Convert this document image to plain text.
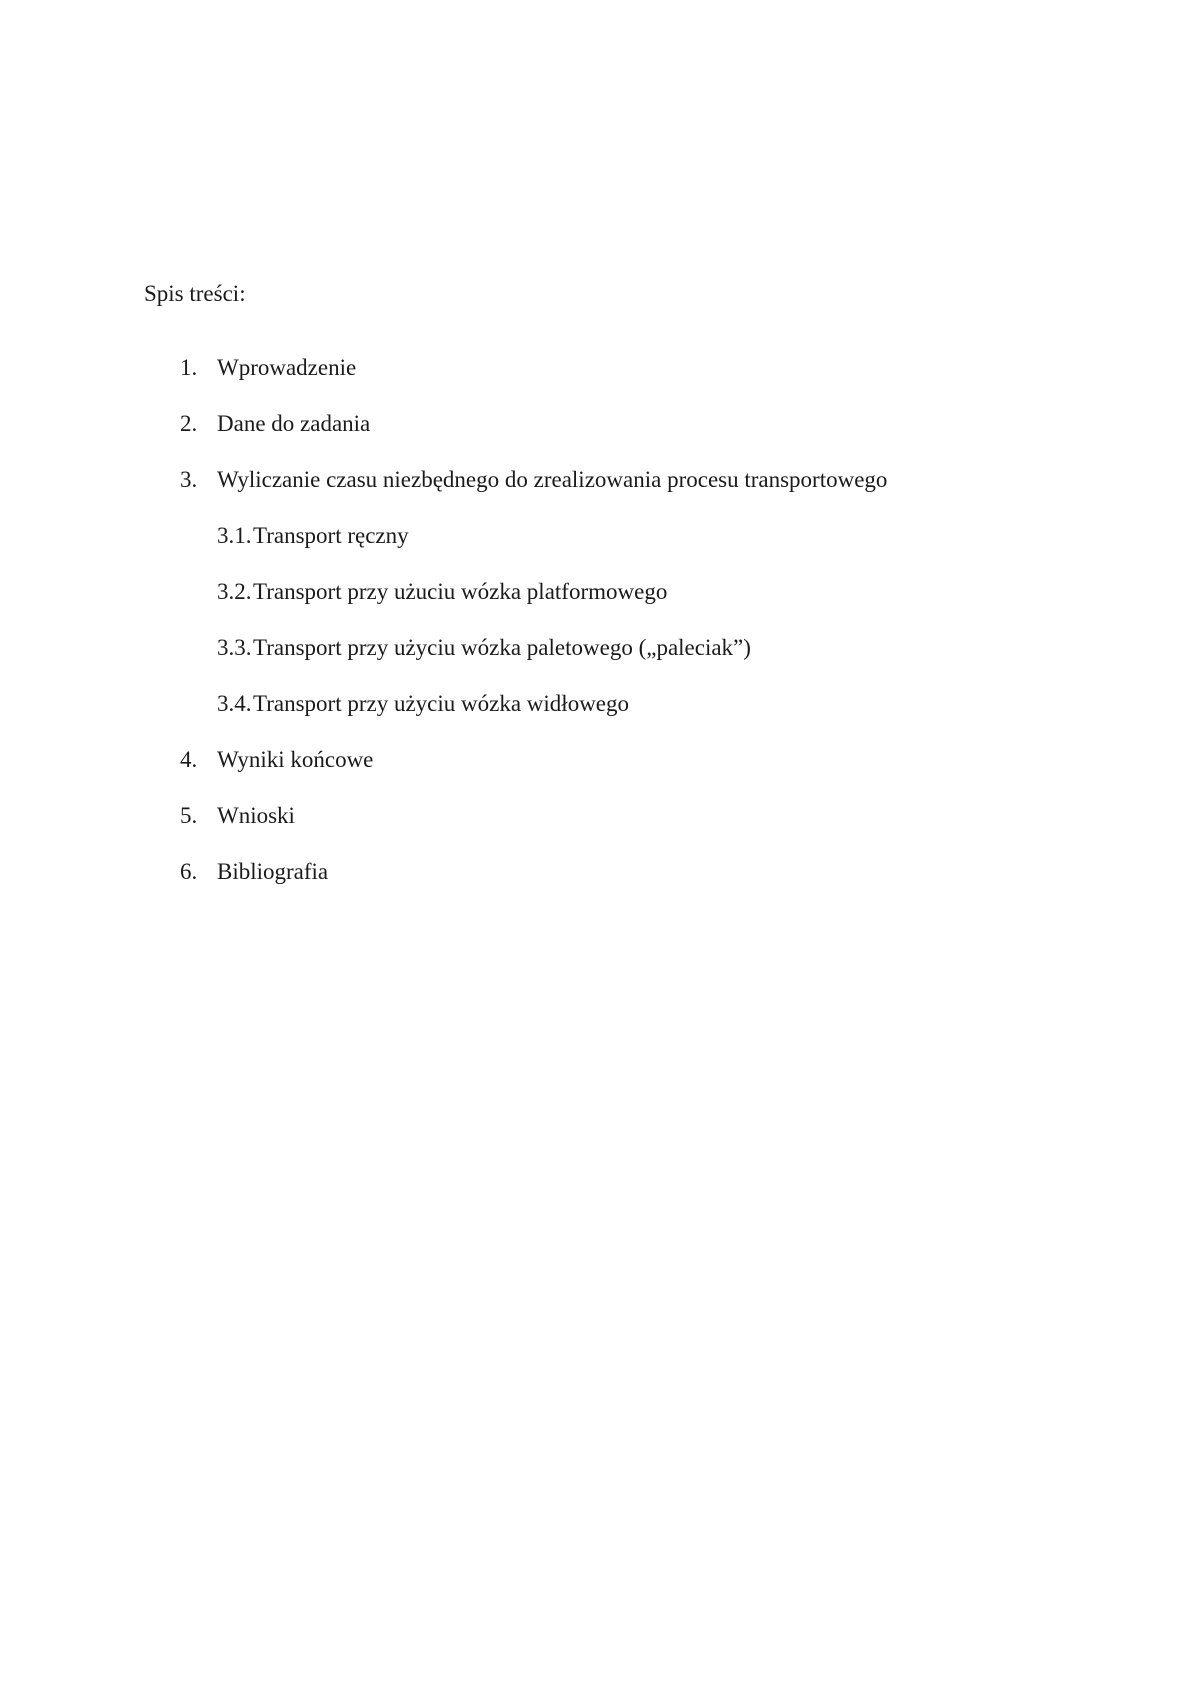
Spis treści:
1. Wprowadzenie
2. Dane do zadania
3. Wyliczanie czasu niezbędnego do zrealizowania procesu transportowego
3.1. Transport ręczny
3.2. Transport przy użuciu wózka platformowego
3.3. Transport przy użyciu wózka paletowego („paleciak”)
3.4. Transport przy użyciu wózka widłowego
4. Wyniki końcowe
5. Wnioski
6. Bibliografia
